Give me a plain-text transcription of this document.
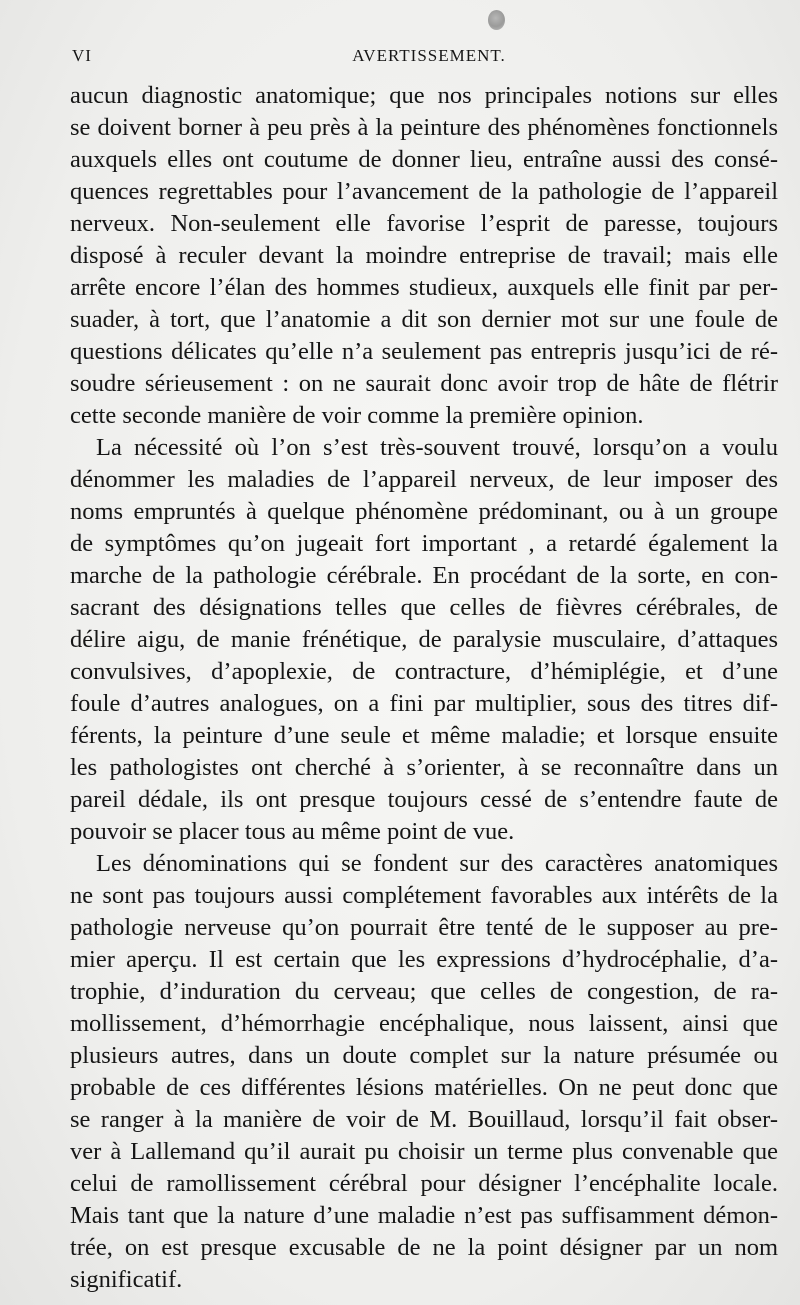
VI	AVERTISSEMENT.
aucun diagnostic anatomique; que nos principales notions sur elles
se doivent borner à peu près à la peinture des phénomènes fonctionnels
auxquels elles ont coutume de donner lieu, entraîne aussi des consé-
quences regrettables pour l’avancement de la pathologie de l’appareil
nerveux. Non-seulement elle favorise l’esprit de paresse, toujours
disposé à reculer devant la moindre entreprise de travail; mais elle
arrête encore l’élan des hommes studieux, auxquels elle finit par per-
suader, à tort, que l’anatomie a dit son dernier mot sur une foule de
questions délicates qu’elle n’a seulement pas entrepris jusqu’ici de ré-
soudre sérieusement : on ne saurait donc avoir trop de hâte de flétrir
cette seconde manière de voir comme la première opinion.
La nécessité où l’on s’est très-souvent trouvé, lorsqu’on a voulu
dénommer les maladies de l’appareil nerveux, de leur imposer des
noms empruntés à quelque phénomène prédominant, ou à un groupe
de symptômes qu’on jugeait fort important , a retardé également la
marche de la pathologie cérébrale. En procédant de la sorte, en con-
sacrant des désignations telles que celles de fièvres cérébrales, de
délire aigu, de manie frénétique, de paralysie musculaire, d’attaques
convulsives, d’apoplexie, de contracture, d’hémiplégie, et d’une
foule d’autres analogues, on a fini par multiplier, sous des titres dif-
férents, la peinture d’une seule et même maladie; et lorsque ensuite
les pathologistes ont cherché à s’orienter, à se reconnaître dans un
pareil dédale, ils ont presque toujours cessé de s’entendre faute de
pouvoir se placer tous au même point de vue.
Les dénominations qui se fondent sur des caractères anatomiques
ne sont pas toujours aussi complétement favorables aux intérêts de la
pathologie nerveuse qu’on pourrait être tenté de le supposer au pre-
mier aperçu. Il est certain que les expressions d’hydrocéphalie, d’a-
trophie, d’induration du cerveau; que celles de congestion, de ra-
mollissement, d’hémorrhagie encéphalique, nous laissent, ainsi que
plusieurs autres, dans un doute complet sur la nature présumée ou
probable de ces différentes lésions matérielles. On ne peut donc que
se ranger à la manière de voir de M. Bouillaud, lorsqu’il fait obser-
ver à Lallemand qu’il aurait pu choisir un terme plus convenable que
celui de ramollissement cérébral pour désigner l’encéphalite locale.
Mais tant que la nature d’une maladie n’est pas suffisamment démon-
trée, on est presque excusable de ne la point désigner par un nom
significatif.
